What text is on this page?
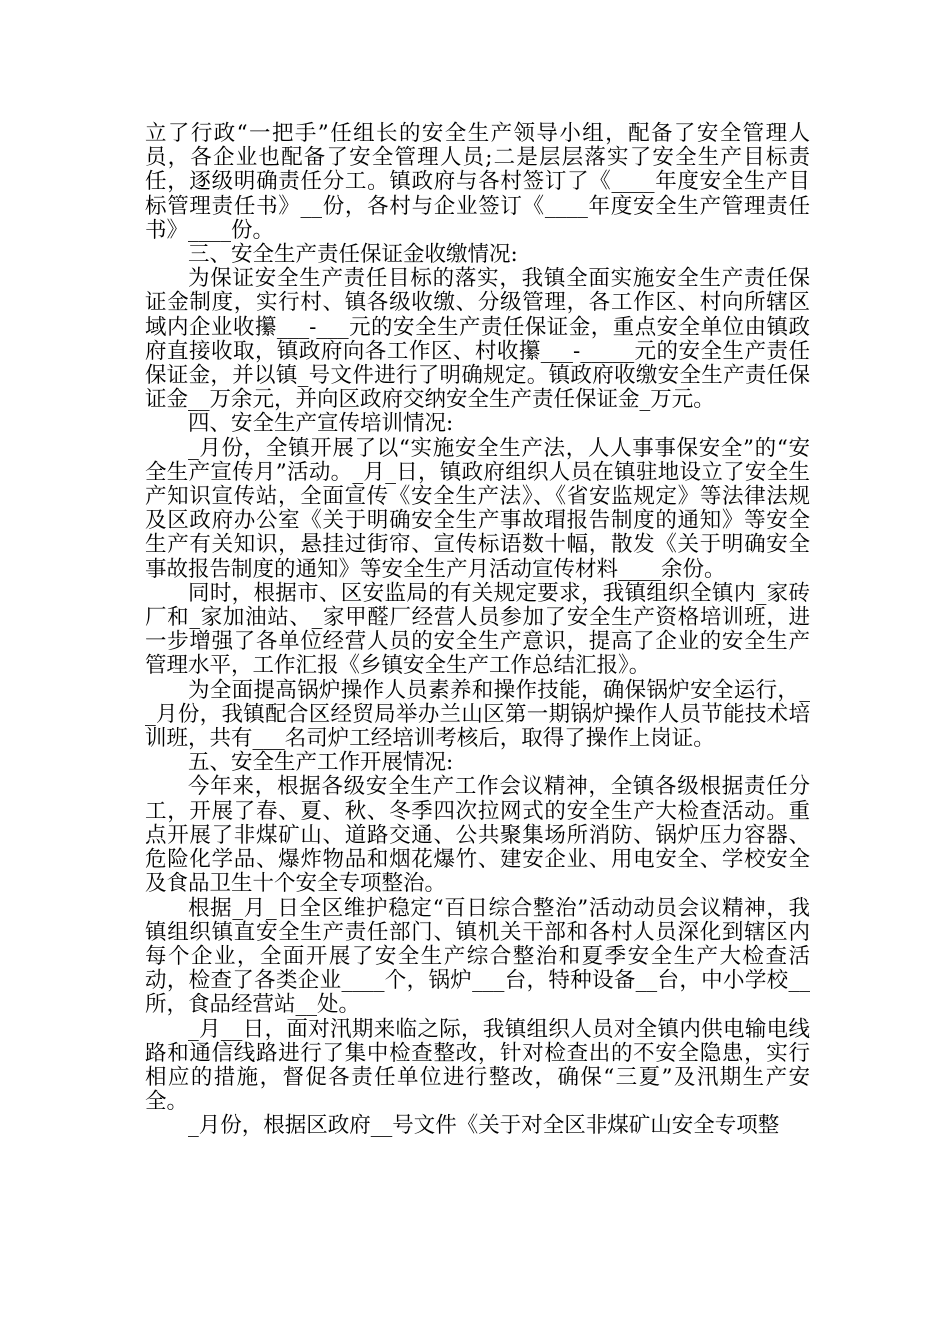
立了行政“一把手”任组长的安全生产领导小组，配备了安全管理人员，各企业也配备了安全管理人员;二是层层落实了安全生产目标责任，逐级明确责任分工。镇政府与各村签订了《____年度安全生产目标管理责任书》__份，各村与企业签订《____年度安全生产管理责任书》____份。

三、安全生产责任保证金收缴情况:

为保证安全生产责任目标的落实，我镇全面实施安全生产责任保证金制度，实行村、镇各级收缴、分级管理，各工作区、村向所辖区域内企业收攥___-___元的安全生产责任保证金，重点安全单位由镇政府直接收取，镇政府向各工作区、村收攥___-_____元的安全生产责任保证金，并以镇_号文件进行了明确规定。镇政府收缴安全生产责任保证金__万余元，并向区政府交纳安全生产责任保证金_万元。

四、安全生产宣传培训情况:

_月份，全镇开展了以“实施安全生产法，人人事事保安全”的“安全生产宣传月”活动。_月_日，镇政府组织人员在镇驻地设立了安全生产知识宣传站，全面宣传《安全生产法》、《省安监规定》等法律法规及区政府办公室《关于明确安全生产事故瑁报告制度的通知》等安全生产有关知识，悬挂过街帘、宣传标语数十幅，散发《关于明确安全事故报告制度的通知》等安全生产月活动宣传材料____余份。

同时，根据市、区安监局的有关规定要求，我镇组织全镇内_家砖厂和_家加油站、_家甲醛厂经营人员参加了安全生产资格培训班，进一步增强了各单位经营人员的安全生产意识，提高了企业的安全生产管理水平，工作汇报《乡镇安全生产工作总结汇报》。

为全面提高锅炉操作人员素养和操作技能，确保锅炉安全运行，__月份，我镇配合区经贸局举办兰山区第一期锅炉操作人员节能技术培训班，共有___名司炉工经培训考核后，取得了操作上岗证。

五、安全生产工作开展情况:

今年来，根据各级安全生产工作会议精神，全镇各级根据责任分工，开展了春、夏、秋、冬季四次拉网式的安全生产大检查活动。重点开展了非煤矿山、道路交通、公共聚集场所消防、锅炉压力容器、危险化学品、爆炸物品和烟花爆竹、建安企业、用电安全、学校安全及食品卫生十个安全专项整治。

根据_月_日全区维护稳定“百日综合整治”活动动员会议精神，我镇组织镇直安全生产责任部门、镇机关干部和各村人员深化到辖区内每个企业，全面开展了安全生产综合整治和夏季安全生产大检查活动，检查了各类企业____个，锅炉___台，特种设备__台，中小学校__所，食品经营站__处。

_月__日，面对汛期来临之际，我镇组织人员对全镇内供电输电线路和通信线路进行了集中检查整改，针对检查出的不安全隐患，实行相应的措施，督促各责任单位进行整改，确保“三夏”及汛期生产安全。

_月份，根据区政府__号文件《关于对全区非煤矿山安全专项整
